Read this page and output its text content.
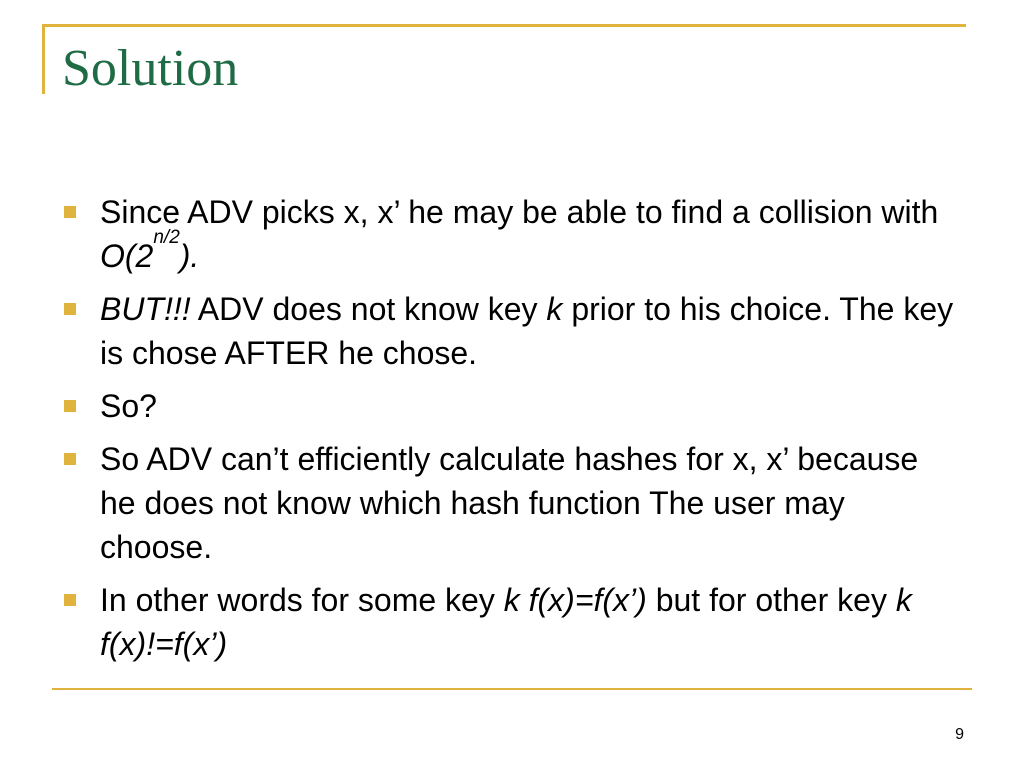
Solution
Since ADV picks x, x’ he may be able to find a collision with $O(2^{n/2})$.
BUT!!! ADV does not know key k prior to his choice. The key is chose AFTER he chose.
So?
So ADV can’t efficiently calculate hashes for x, x’ because he does not know which hash function The user may choose.
In other words for some key k f(x)=f(x’) but for other key k f(x)!=f(x’)
9
